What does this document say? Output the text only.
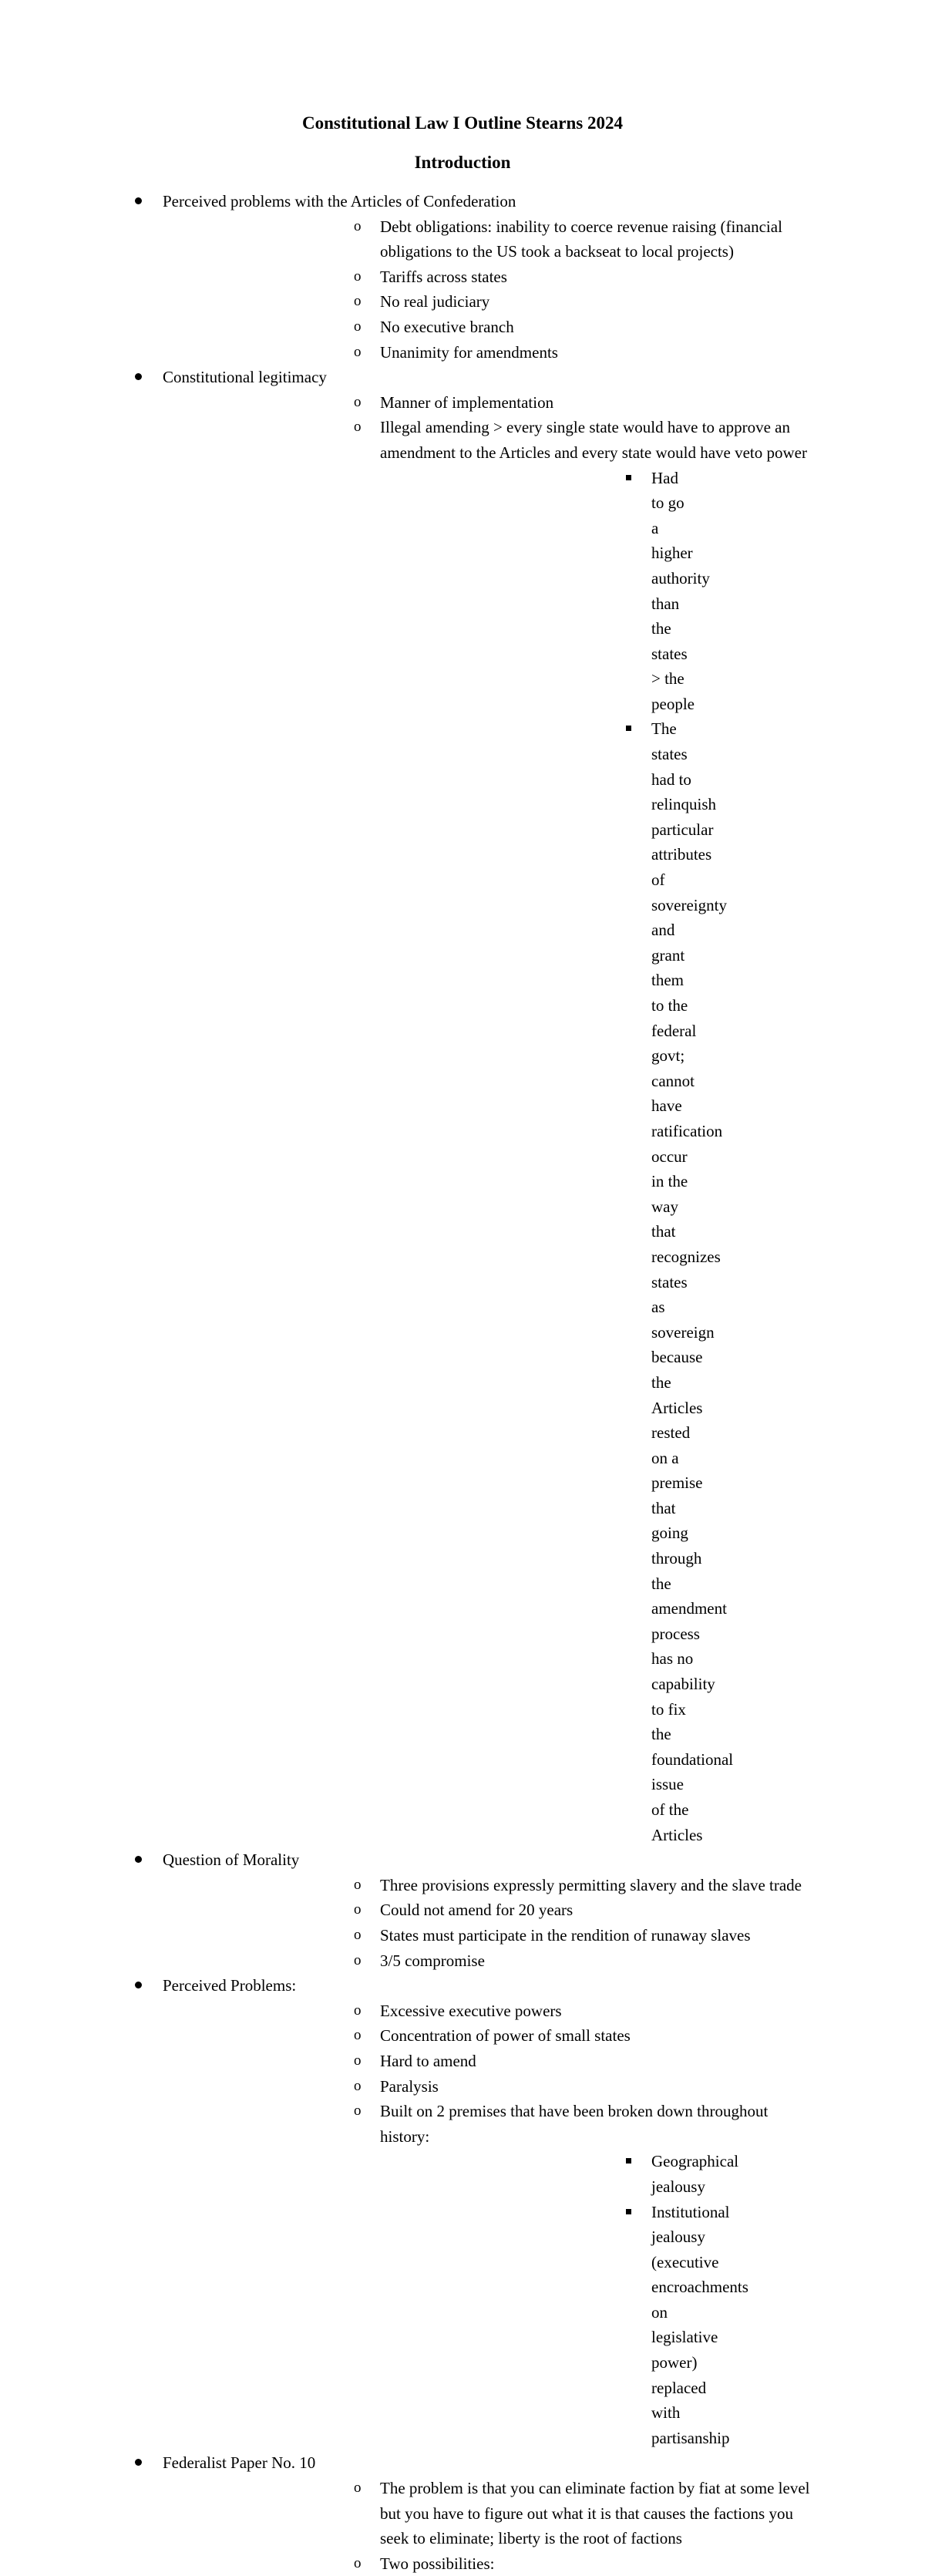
Constitutional Law I Outline Stearns 2024
Introduction
Perceived problems with the Articles of Confederation
o Debt obligations: inability to coerce revenue raising (financial obligations to the US took a backseat to local projects)
o Tariffs across states
o No real judiciary
o No executive branch
o Unanimity for amendments
Constitutional legitimacy
o Manner of implementation
o Illegal amending > every single state would have to approve an amendment to the Articles and every state would have veto power
Had to go a higher authority than the states > the people
The states had to relinquish particular attributes of sovereignty and grant them to the federal govt; cannot have ratification occur in the way that recognizes states as sovereign because the Articles rested on a premise that going through the amendment process has no capability to fix the foundational issue of the Articles
Question of Morality
o Three provisions expressly permitting slavery and the slave trade
o Could not amend for 20 years
o States must participate in the rendition of runaway slaves
o 3/5 compromise
Perceived Problems:
o Excessive executive powers
o Concentration of power of small states
o Hard to amend
o Paralysis
o Built on 2 premises that have been broken down throughout history:
Geographical jealousy
Institutional jealousy (executive encroachments on legislative power) replaced with partisanship
Federalist Paper No. 10
o The problem is that you can eliminate faction by fiat at some level but you have to figure out what it is that causes the factions you seek to eliminate; liberty is the root of factions
o Two possibilities:
